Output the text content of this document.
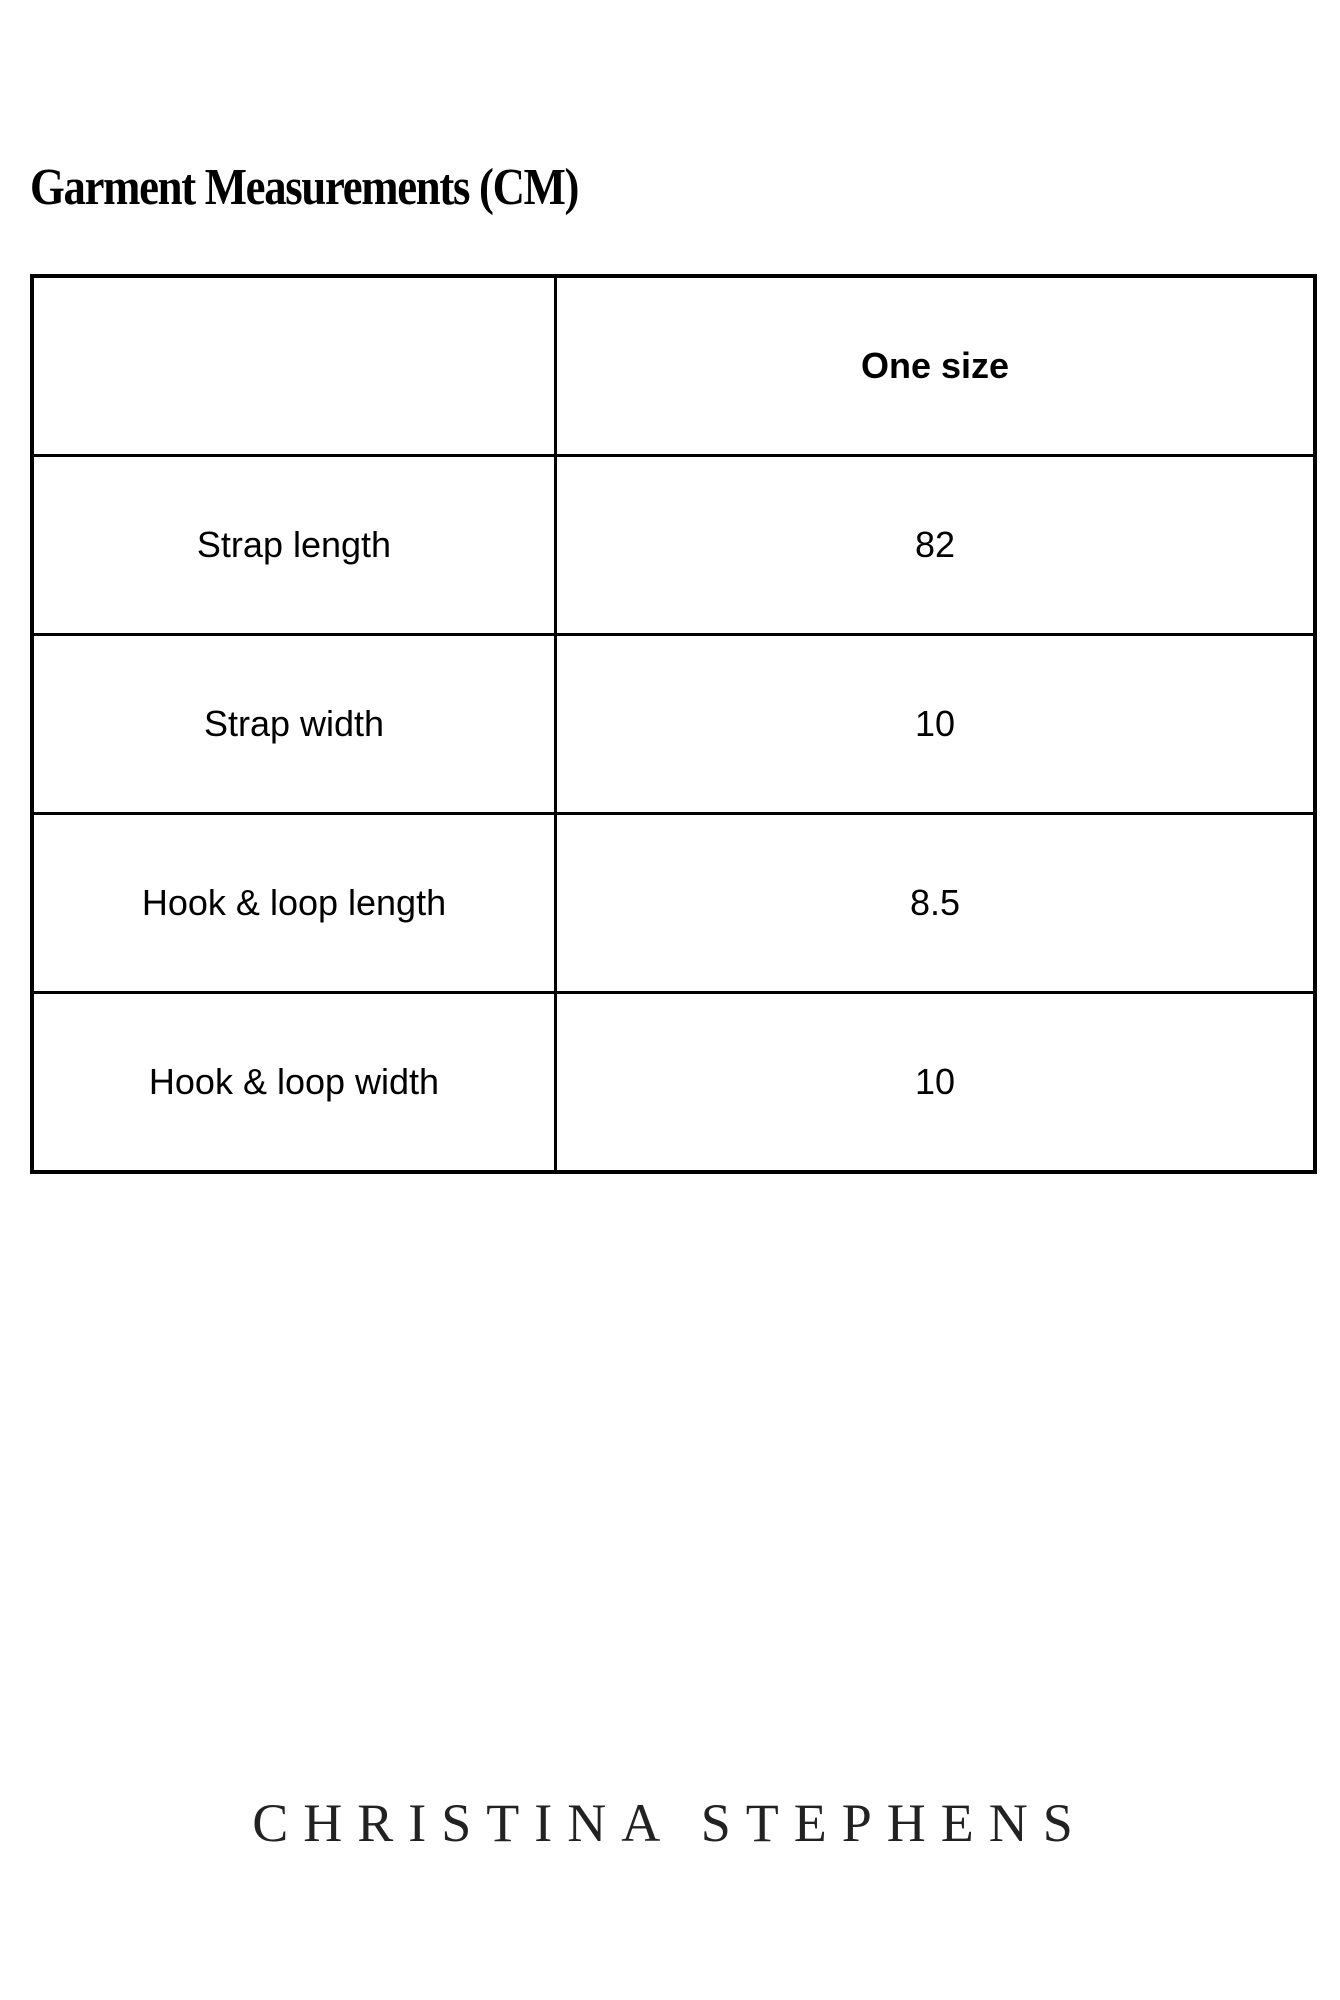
Garment Measurements (CM)
	One size
Strap length	82
Strap width	10
Hook & loop length	8.5
Hook & loop width	10
CHRISTINA STEPHENS
